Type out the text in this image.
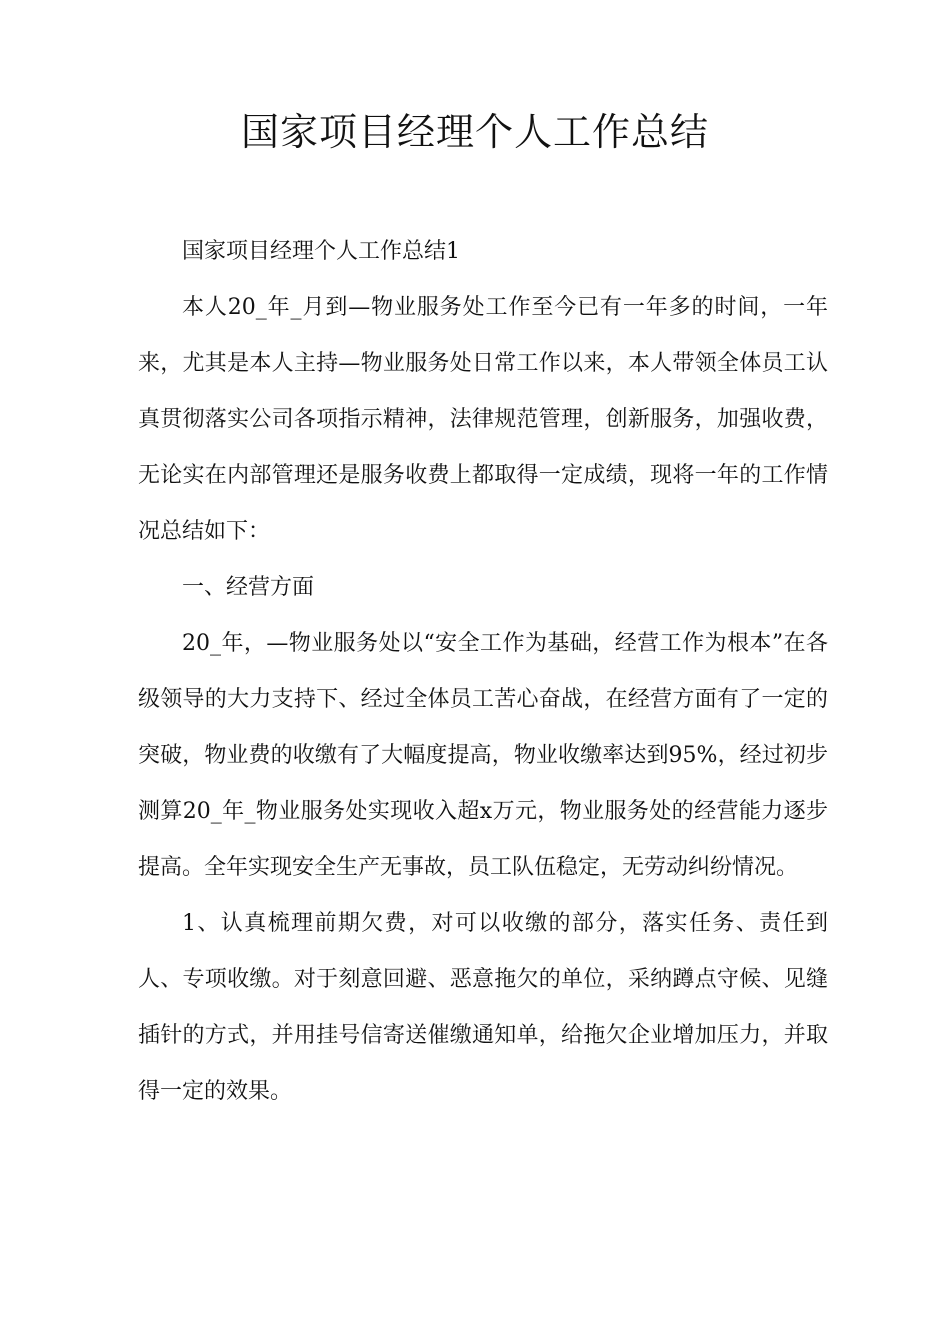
国家项目经理个人工作总结

国家项目经理个人工作总结1

本人20_年_月到—物业服务处工作至今已有一年多的时间，一年来，尤其是本人主持—物业服务处日常工作以来，本人带领全体员工认真贯彻落实公司各项指示精神，法律规范管理，创新服务，加强收费，无论实在内部管理还是服务收费上都取得一定成绩，现将一年的工作情况总结如下：

一、经营方面

20_年，—物业服务处以“安全工作为基础，经营工作为根本”在各级领导的大力支持下、经过全体员工苦心奋战，在经营方面有了一定的突破，物业费的收缴有了大幅度提高，物业收缴率达到95%，经过初步测算20_年_物业服务处实现收入超x万元，物业服务处的经营能力逐步提高。全年实现安全生产无事故，员工队伍稳定，无劳动纠纷情况。

1、认真梳理前期欠费，对可以收缴的部分，落实任务、责任到人、专项收缴。对于刻意回避、恶意拖欠的单位，采纳蹲点守候、见缝插针的方式，并用挂号信寄送催缴通知单，给拖欠企业增加压力，并取得一定的效果。
